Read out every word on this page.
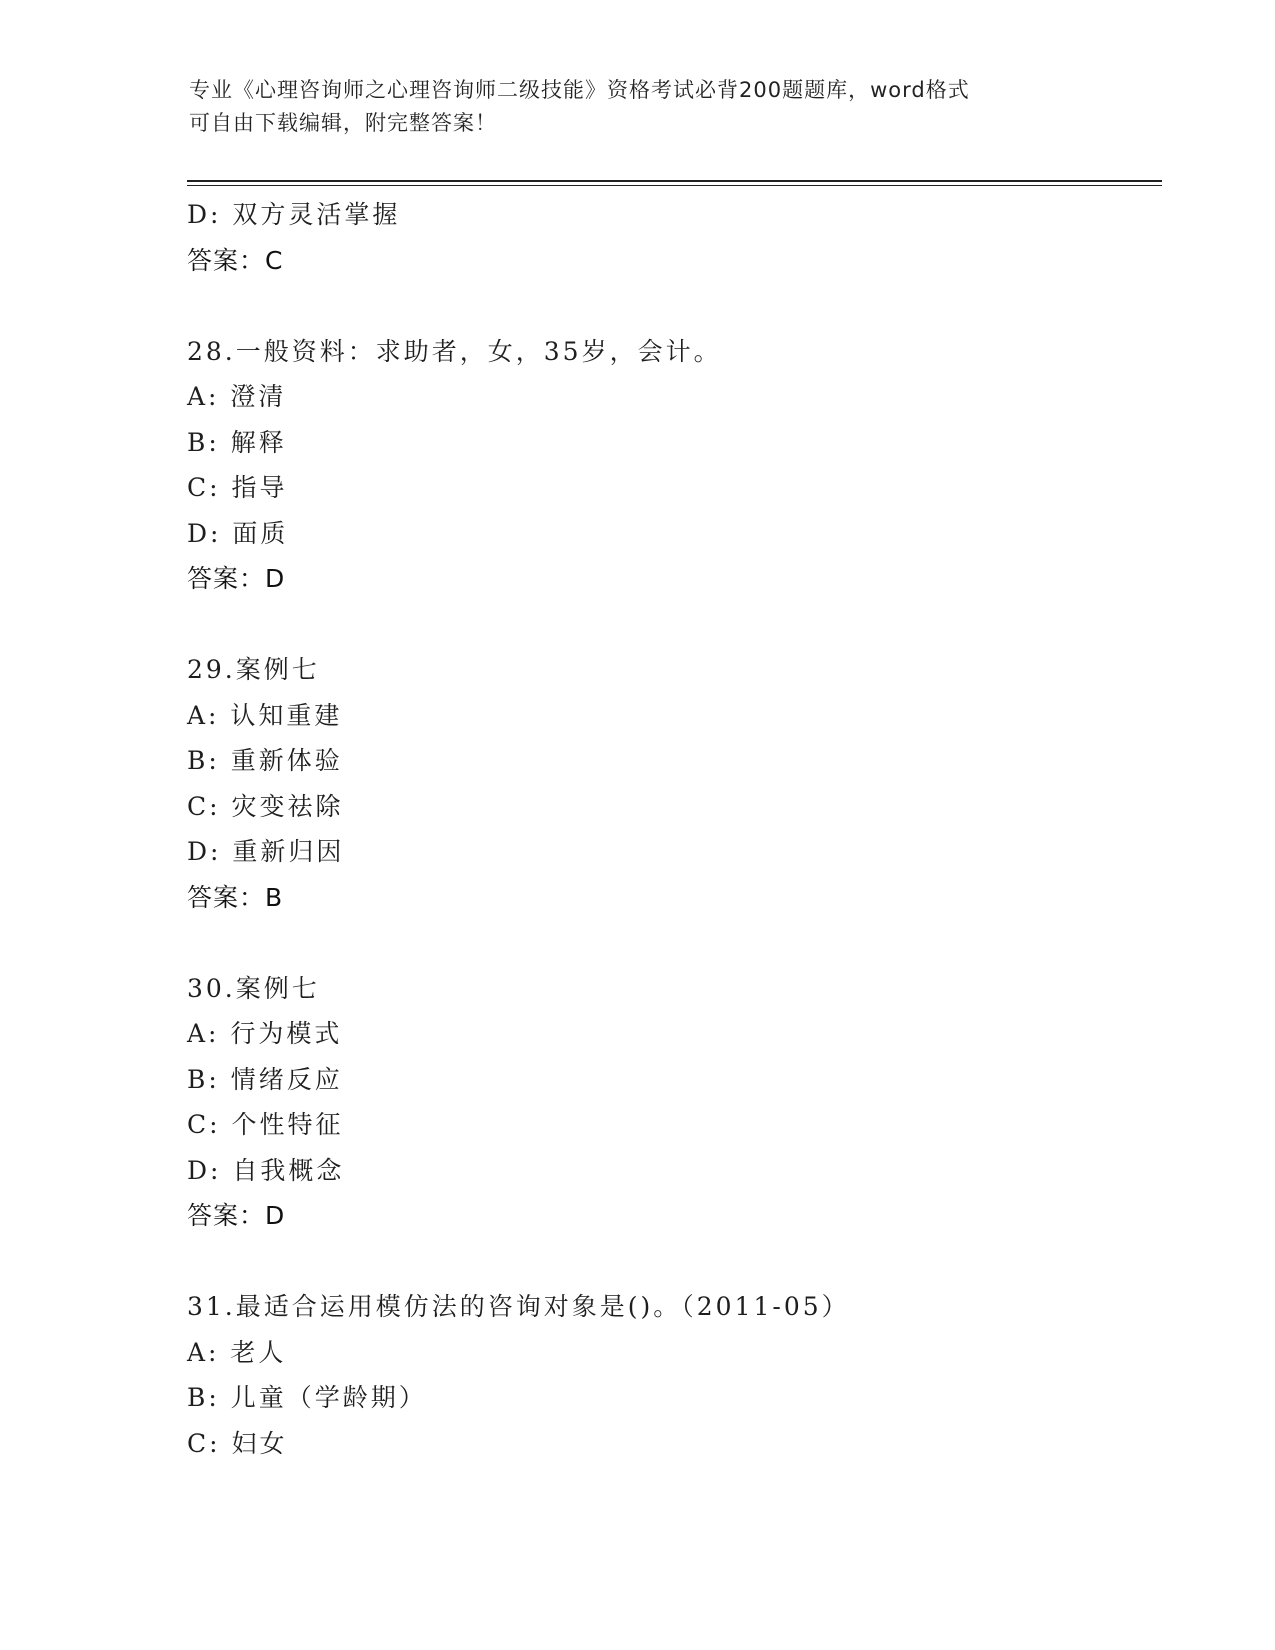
专业《心理咨询师之心理咨询师二级技能》资格考试必背200题题库，word格式
可自由下载编辑，附完整答案！
D: 双方灵活掌握
答案：C
28.一般资料：求助者，女，35岁，会计。
A: 澄清
B: 解释
C: 指导
D: 面质
答案：D
29.案例七
A: 认知重建
B: 重新体验
C: 灾变祛除
D: 重新归因
答案：B
30.案例七
A: 行为模式
B: 情绪反应
C: 个性特征
D: 自我概念
答案：D
31.最适合运用模仿法的咨询对象是()。（2011-05）
A: 老人
B: 儿童（学龄期）
C: 妇女
